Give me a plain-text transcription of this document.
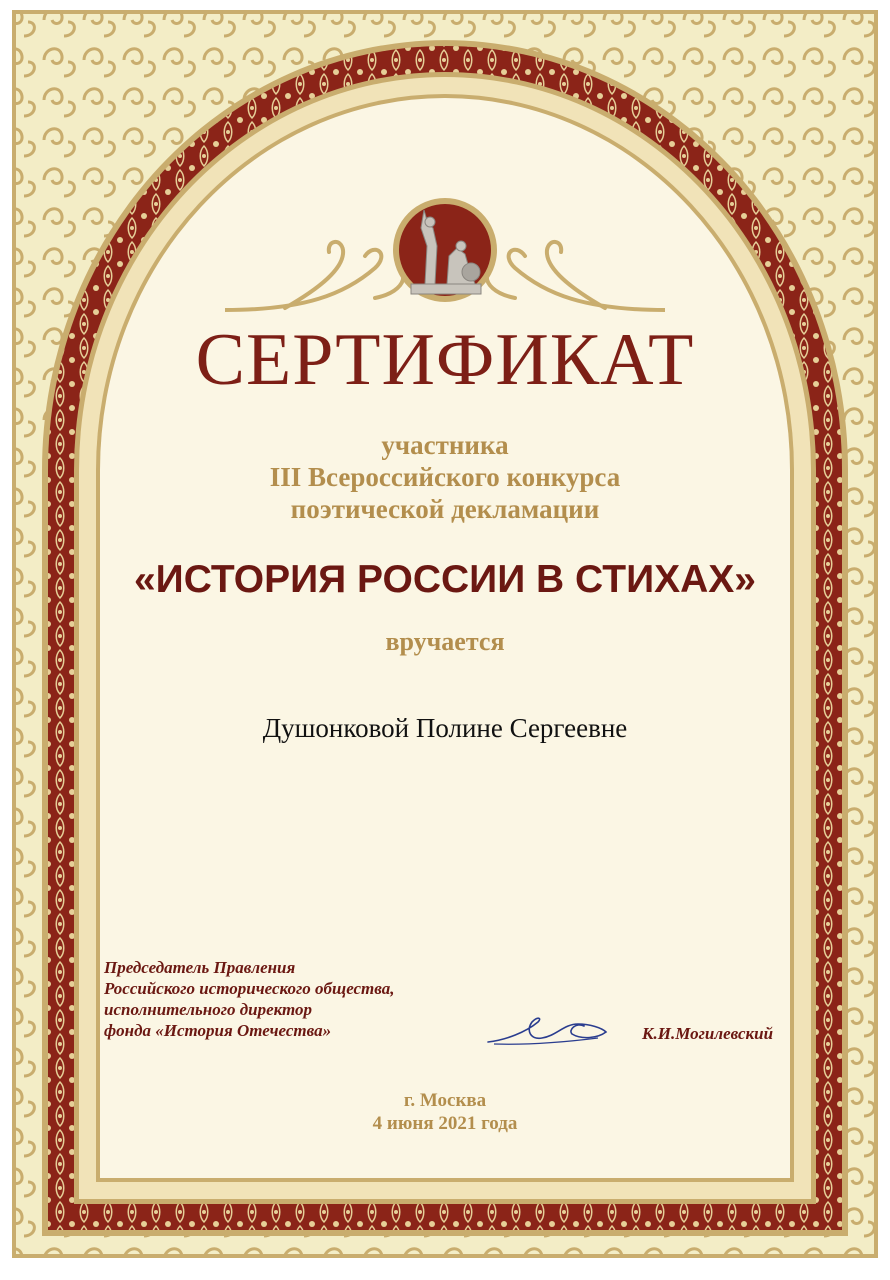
СЕРТИФИКАТ
участника
III Всероссийского конкурса
поэтической декламации
«ИСТОРИЯ РОССИИ В СТИХАХ»
вручается
Душонковой Полине Сергеевне
Председатель Правления
Российского исторического общества,
исполнительного директор
фонда «История Отечества»	К.И.Могилевский
г. Москва
4 июня 2021 года
